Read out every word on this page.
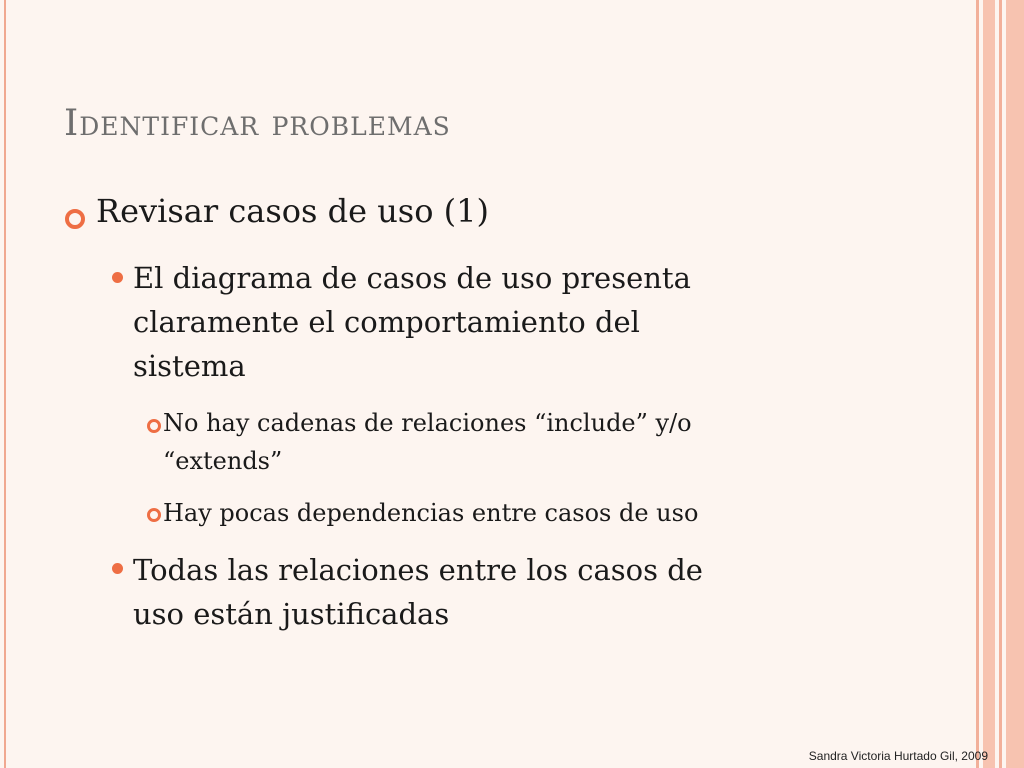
Identificar problemas
Revisar casos de uso (1)
El diagrama de casos de uso presenta
claramente el comportamiento del
sistema
No hay cadenas de relaciones “include” y/o
“extends”
Hay pocas dependencias entre casos de uso
Todas las relaciones entre los casos de
uso están justificadas
Sandra Victoria Hurtado Gil, 2009
